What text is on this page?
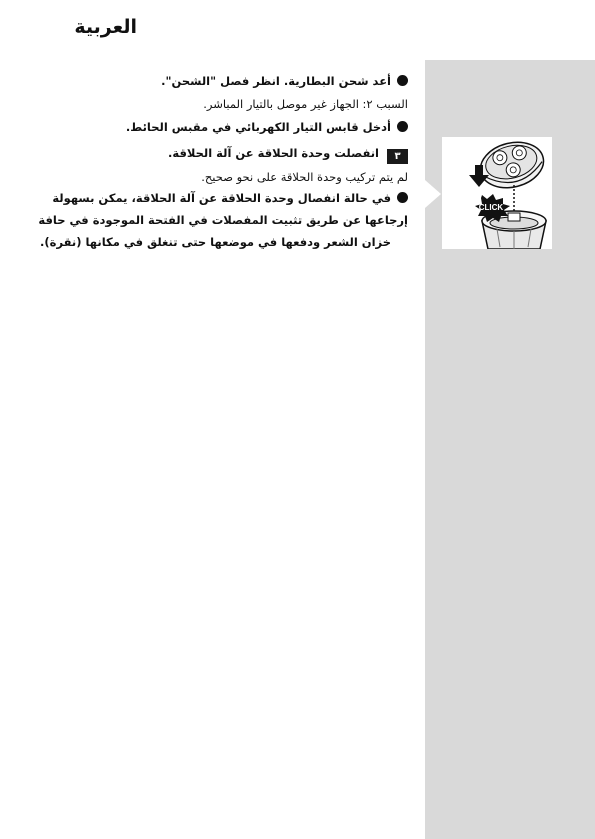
العربية
CLICK
أعد شحن البطارية. انظر فصل "الشحن".
السبب ٢: الجهاز غير موصل بالتيار المباشر.
أدخل قابس التيار الكهربائي في مقبس الحائط.
٣انفصلت وحدة الحلاقة عن آلة الحلاقة.
لم يتم تركيب وحدة الحلاقة على نحو صحيح.
في حالة انفصال وحدة الحلاقة عن آلة الحلاقة، يمكن بسهولة
إرجاعها عن طريق تثبيت المفصلات في الفتحة الموجودة في حافة
خزان الشعر ودفعها في موضعها حتى تنغلق في مكانها (نقرة).
